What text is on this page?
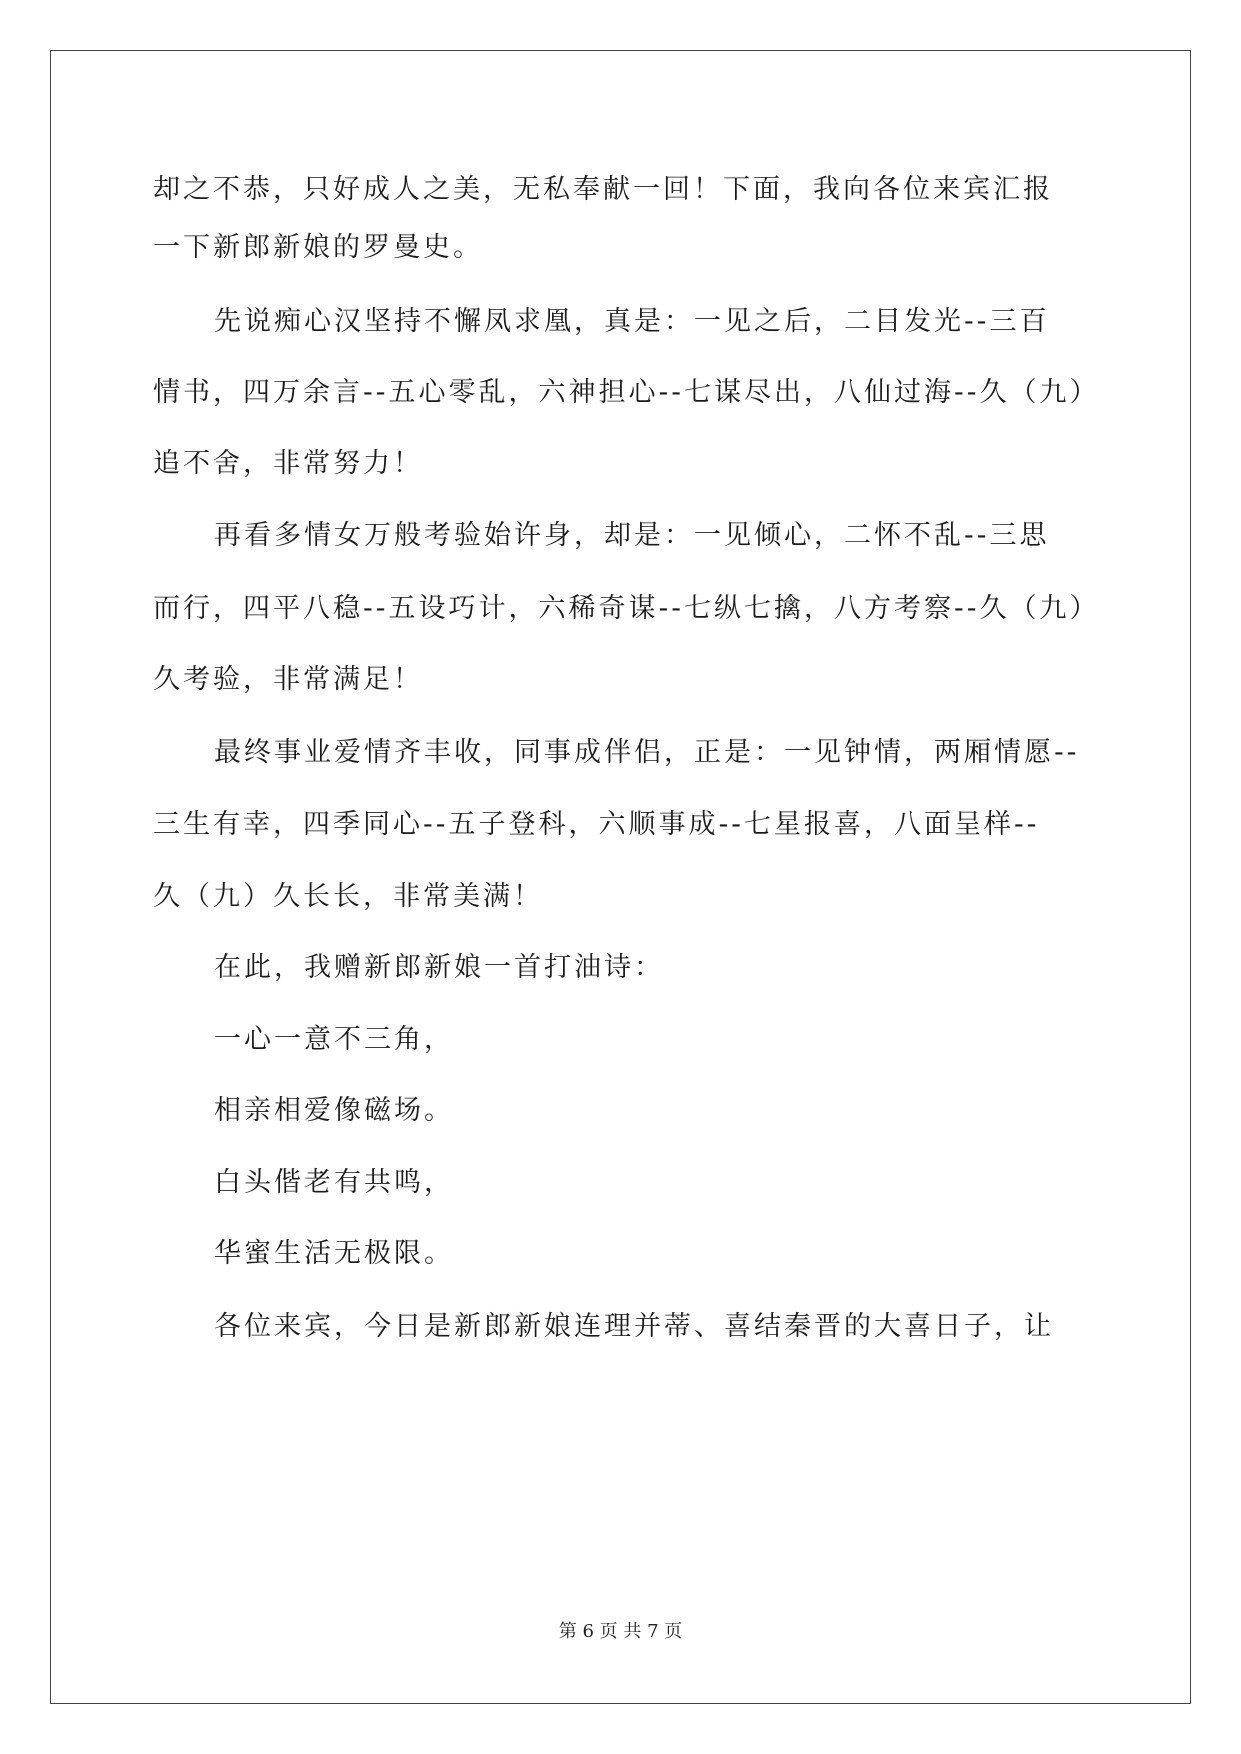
却之不恭，只好成人之美，无私奉献一回！下面，我向各位来宾汇报
一下新郎新娘的罗曼史。
先说痴心汉坚持不懈凤求凰，真是：一见之后，二目发光--三百
情书，四万余言--五心零乱，六神担心--七谋尽出，八仙过海--久（九）
追不舍，非常努力！
再看多情女万般考验始许身，却是：一见倾心，二怀不乱--三思
而行，四平八稳--五设巧计，六稀奇谋--七纵七擒，八方考察--久（九）
久考验，非常满足！
最终事业爱情齐丰收，同事成伴侣，正是：一见钟情，两厢情愿--
三生有幸，四季同心--五子登科，六顺事成--七星报喜，八面呈样--
久（九）久长长，非常美满！
在此，我赠新郎新娘一首打油诗：
一心一意不三角，
相亲相爱像磁场。
白头偕老有共鸣，
华蜜生活无极限。
各位来宾，今日是新郎新娘连理并蒂、喜结秦晋的大喜日子，让
第 6 页 共 7 页
